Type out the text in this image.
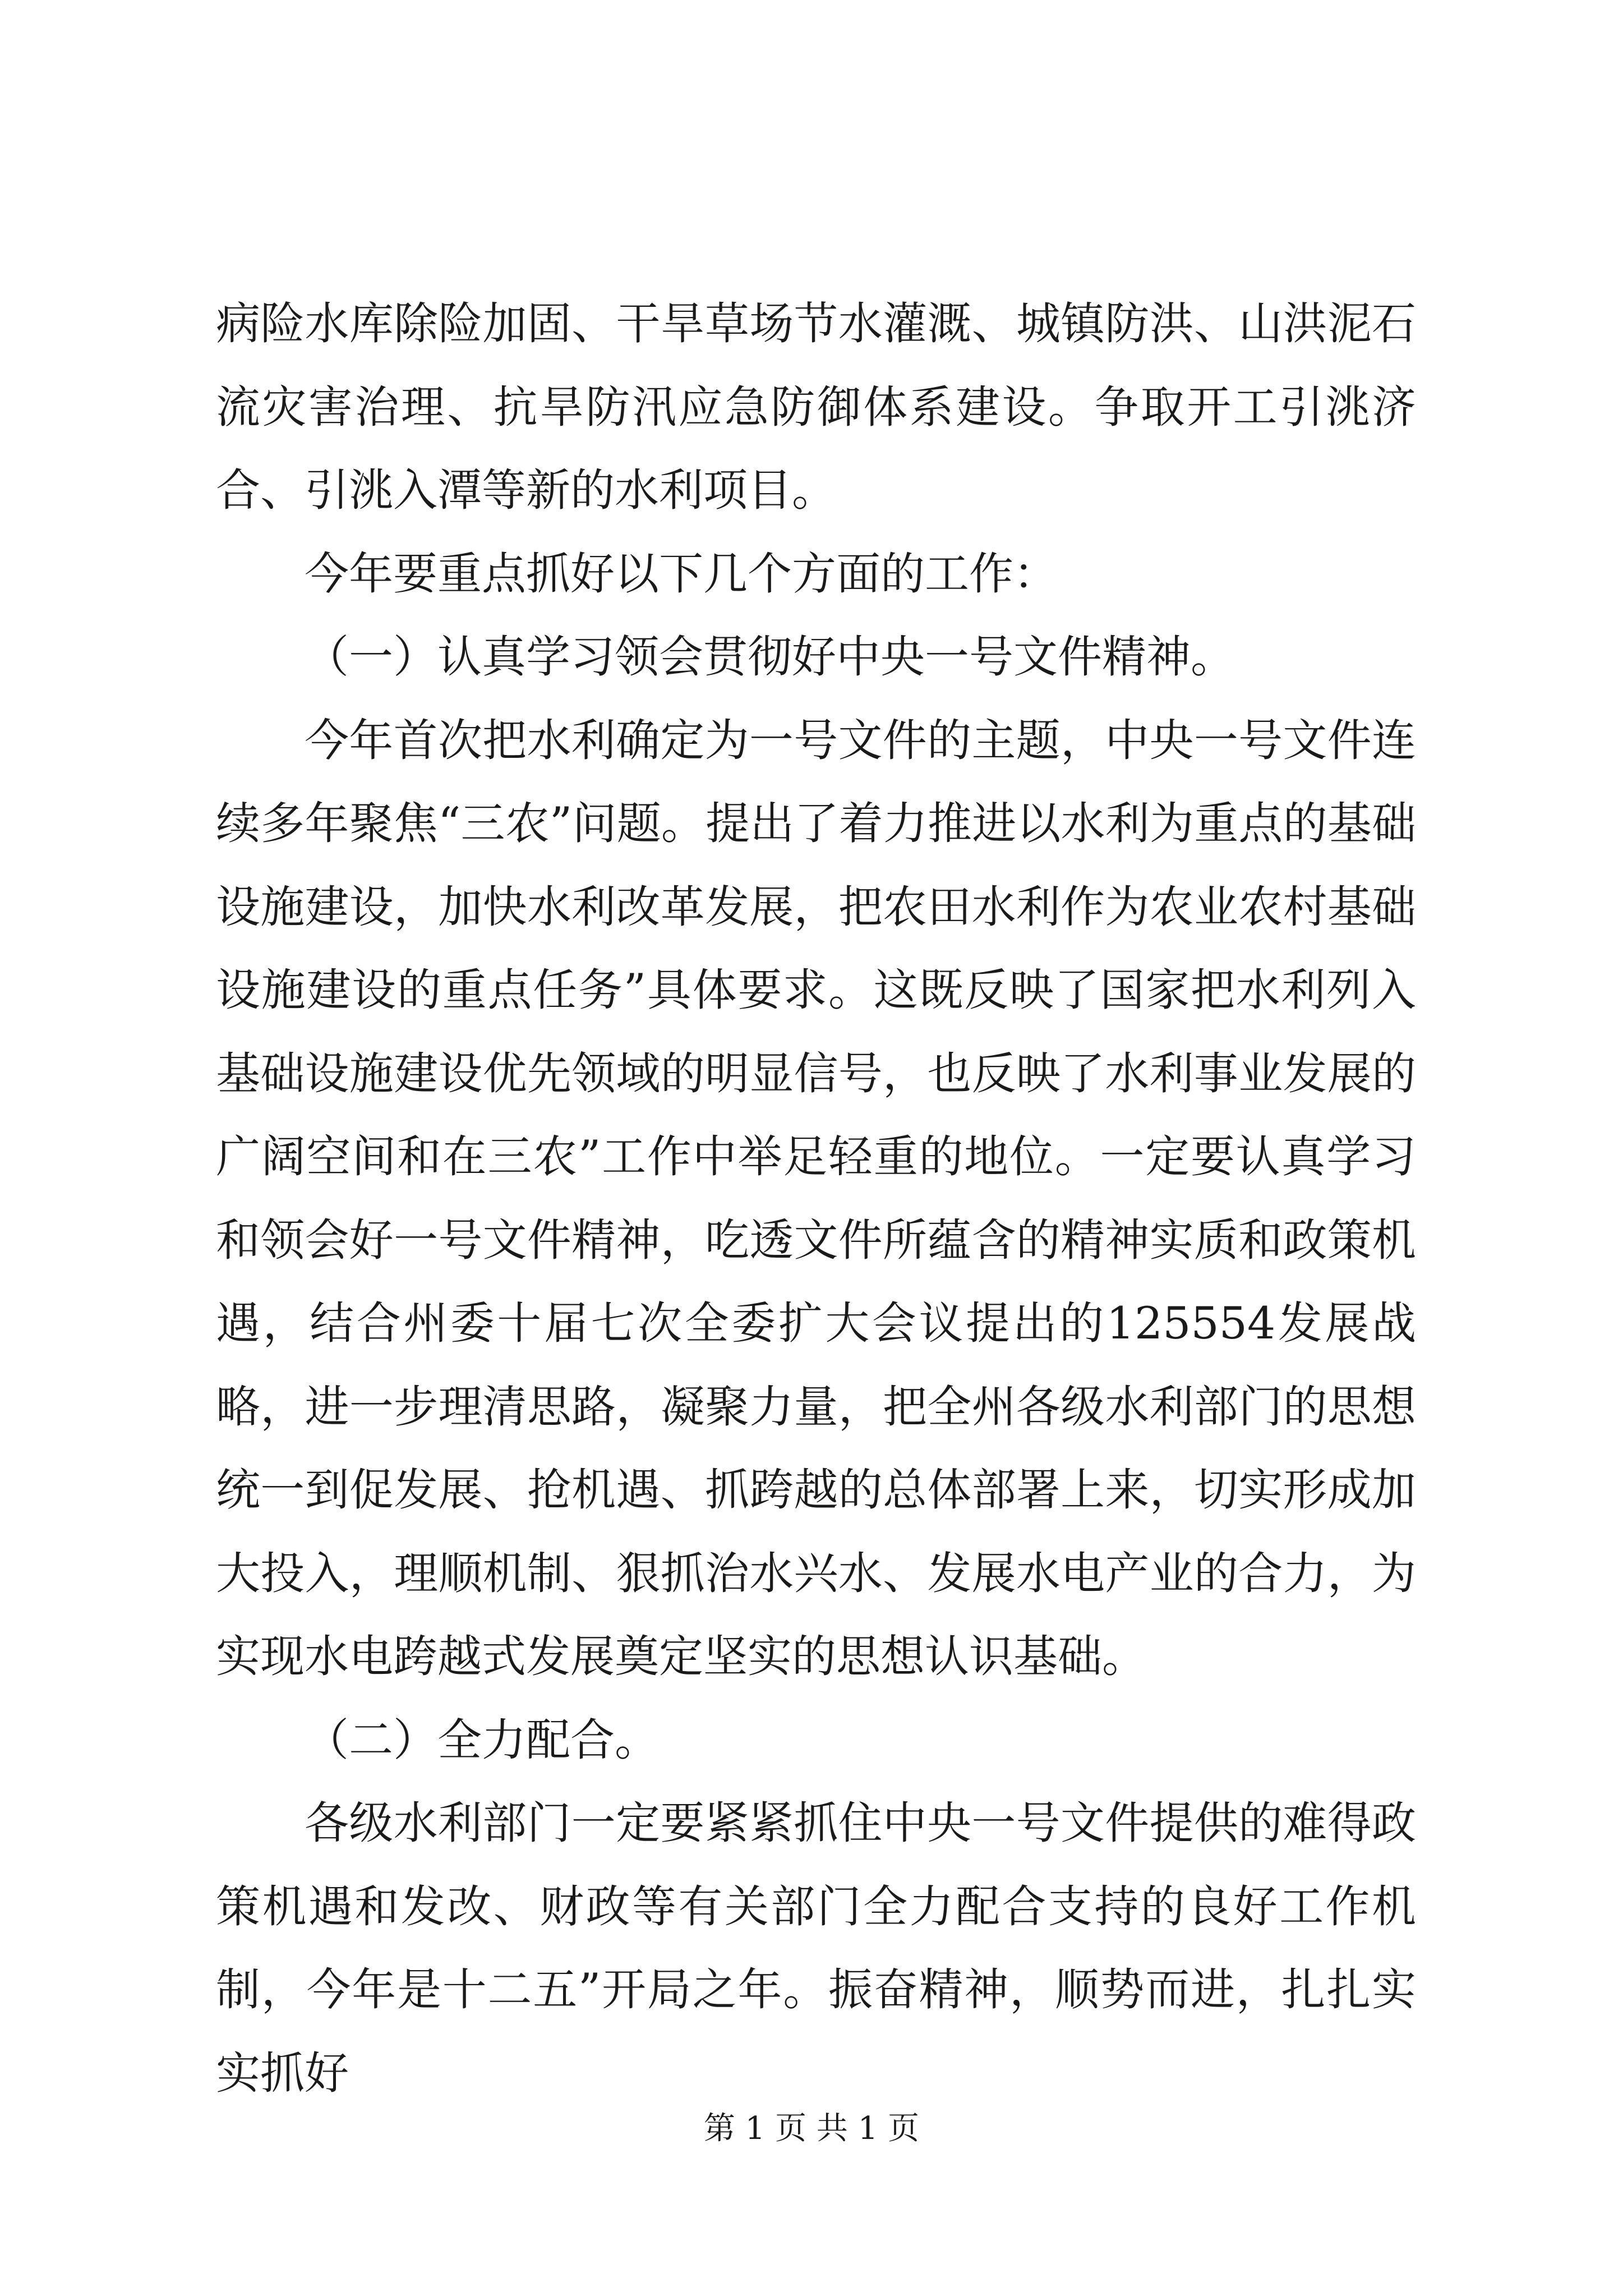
病险水库除险加固、干旱草场节水灌溉、城镇防洪、山洪泥石流灾害治理、抗旱防汛应急防御体系建设。争取开工引洮济合、引洮入潭等新的水利项目。

今年要重点抓好以下几个方面的工作：

（一）认真学习领会贯彻好中央一号文件精神。

今年首次把水利确定为一号文件的主题，中央一号文件连续多年聚焦“三农”问题。提出了着力推进以水利为重点的基础设施建设，加快水利改革发展，把农田水利作为农业农村基础设施建设的重点任务”具体要求。这既反映了国家把水利列入基础设施建设优先领域的明显信号，也反映了水利事业发展的广阔空间和在三农”工作中举足轻重的地位。一定要认真学习和领会好一号文件精神，吃透文件所蕴含的精神实质和政策机遇，结合州委十届七次全委扩大会议提出的125554发展战略，进一步理清思路，凝聚力量，把全州各级水利部门的思想统一到促发展、抢机遇、抓跨越的总体部署上来，切实形成加大投入，理顺机制、狠抓治水兴水、发展水电产业的合力，为实现水电跨越式发展奠定坚实的思想认识基础。

（二）全力配合。

各级水利部门一定要紧紧抓住中央一号文件提供的难得政策机遇和发改、财政等有关部门全力配合支持的良好工作机制，今年是十二五”开局之年。振奋精神，顺势而进，扎扎实实抓好

第 1 页 共 1 页
